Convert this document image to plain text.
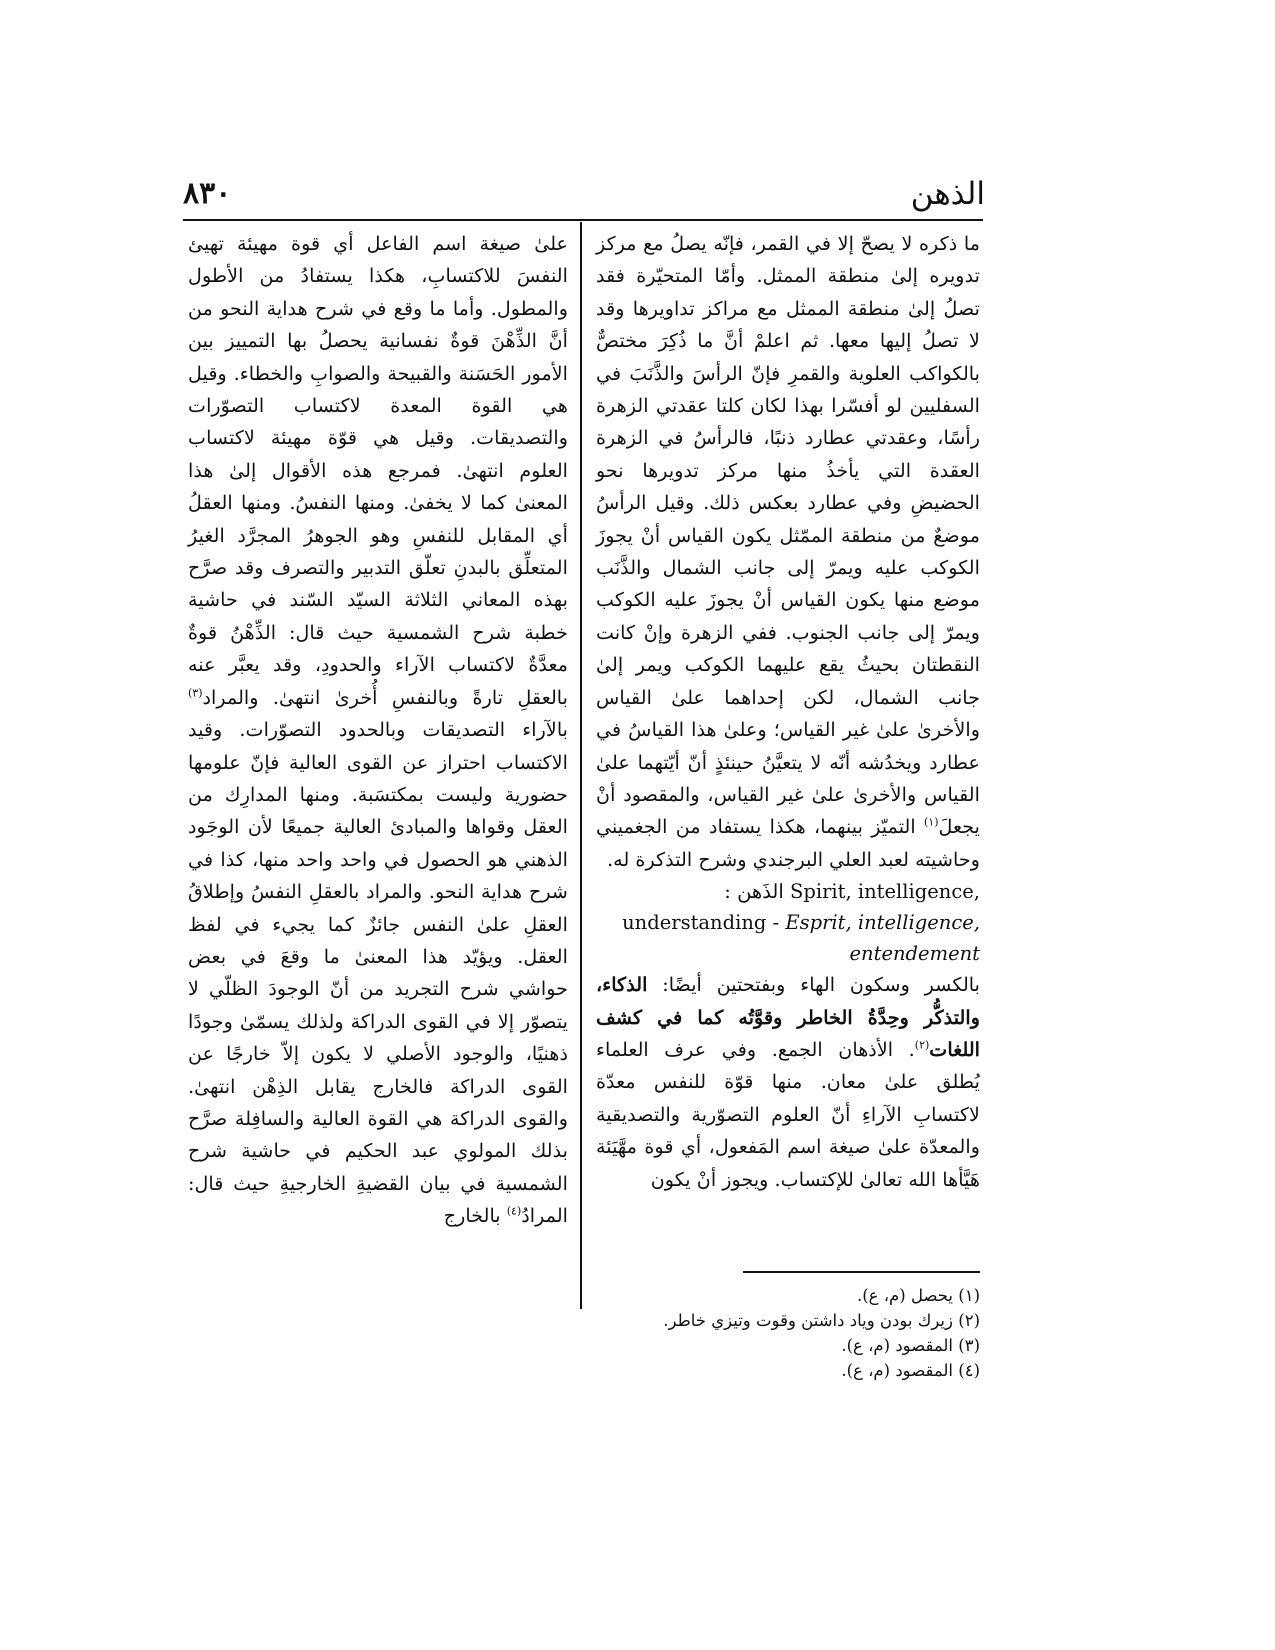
الذهن
٨٣٠

ما ذكره لا يصحّ إلا في القمر، فإنّه يصلُ مع مركز تدويره إلىٰ منطقة الممثل. وأمّا المتحيّرة فقد تصلُ إلىٰ منطقة الممثل مع مراكز تداويرها وقد لا تصلُ إليها معها. ثم اعلمْ أنَّ ما ذُكِرَ مختصٌّ بالكواكب العلوية والقمرِ فإنّ الرأسَ والذَّنَبَ في السفليين لو أفسّرا بهذا لكان كلتا عقدتي الزهرة رأسًا، وعقدتي عطارد ذنبًا، فالرأسُ في الزهرة العقدة التي يأخذُ منها مركز تدويرها نحو الحضيضِ وفي عطارد بعكس ذلك. وقيل الرأسُ موضعٌ من منطقة الممّثل يكون القياس أنْ يجوزَ الكوكب عليه ويمرّ إلى جانب الشمال والذَّنَب موضع منها يكون القياس أنْ يجوزَ عليه الكوكب ويمرّ إلى جانب الجنوب. ففي الزهرة وإنْ كانت النقطتان بحيثُ يقع عليهما الكوكب ويمر إلىٰ جانب الشمال، لكن إحداهما علىٰ القياس والأخرىٰ علىٰ غير القياس؛ وعلىٰ هذا القياسُ في عطارد ويخدُشه أنّه لا يتعيَّنُ حينئذٍ أنّ أيّتهما علىٰ القياس والأخرىٰ علىٰ غير القياس، والمقصود أنْ يجعلَ$^{(١)}$ التميّز بينهما، هكذا يستفاد من الجغميني وحاشيته لعبد العلي البرجندي وشرح التذكرة له.

الذَهن : Spirit, intelligence, understanding - Esprit, intelligence, entendement

بالكسر وسكون الهاء وبفتحتين أيضًا: الذكاء، والتذكُّر وحِدَّةُ الخاطر وقوَّتُه كما في كشف اللغات$^{(٢)}$. الأذهان الجمع. وفي عرف العلماء يُطلق علىٰ معان. منها قوّة للنفس معدّة لاكتسابِ الآراءِ أنّ العلوم التصوّرية والتصديقية والمعدّة علىٰ صيغة اسم المَفعول، أي قوة مهَّيَئة هَيَّأها الله تعالىٰ للإكتساب. ويجوز أنْ يكون

علىٰ صيغة اسم الفاعل أي قوة مهيئة تهيئ النفسَ للاكتسابِ، هكذا يستفادُ من الأطول والمطول. وأما ما وقع في شرح هداية النحو من أنَّ الذِّهْنَ قوةٌ نفسانية يحصلُ بها التمييز بين الأمور الحَسَنة والقبيحة والصوابِ والخطاء. وقيل هي القوة المعدة لاكتساب التصوّرات والتصديقات. وقيل هي قوّة مهيئة لاكتساب العلوم انتهىٰ. فمرجع هذه الأقوال إلىٰ هذا المعنىٰ كما لا يخفىٰ. ومنها النفسُ. ومنها العقلُ أي المقابل للنفسِ وهو الجوهرُ المجرَّد الغيرُ المتعلِّق بالبدنِ تعلّق التدبير والتصرف وقد صرَّح بهذه المعاني الثلاثة السيّد السّند في حاشية خطبة شرح الشمسية حيث قال: الذِّهْنُ قوةٌ معدَّةٌ لاكتساب الآراء والحدودِ، وقد يعبَّر عنه بالعقلِ تارةً وبالنفسِ أُخرىٰ انتهىٰ. والمراد$^{(٣)}$ بالآراء التصديقات وبالحدود التصوّرات. وقيد الاكتساب احتراز عن القوى العالية فإنّ علومها حضورية وليست بمكتسَبة. ومنها المدارِك من العقل وقواها والمبادئ العالية جميعًا لأن الوجَود الذهني هو الحصول في واحد واحد منها، كذا في شرح هداية النحو. والمراد بالعقلِ النفسُ وإطلاقُ العقلِ علىٰ النفس جائزٌ كما يجيء في لفظ العقل. ويؤيّد هذا المعنىٰ ما وقعَ في بعض حواشي شرح التجريد من أنّ الوجودَ الظلّي لا يتصوّر إلا في القوى الدراكة ولذلك يسمّىٰ وجودًا ذهنيًا، والوجود الأصلي لا يكون إلاّ خارجًا عن القوى الدراكة فالخارج يقابل الذِهْن انتهىٰ. والقوى الدراكة هي القوة العالية والسافِلة صرَّح بذلك المولوي عبد الحكيم في حاشية شرح الشمسية في بيان القضيةِ الخارجيةِ حيث قال: المرادُ$^{(٤)}$ بالخارج

(١) يحصل (م، ع).
(٢) زيرك بودن وياد داشتن وقوت وتيزي خاطر.
(٣) المقصود (م، ع).
(٤) المقصود (م، ع).
